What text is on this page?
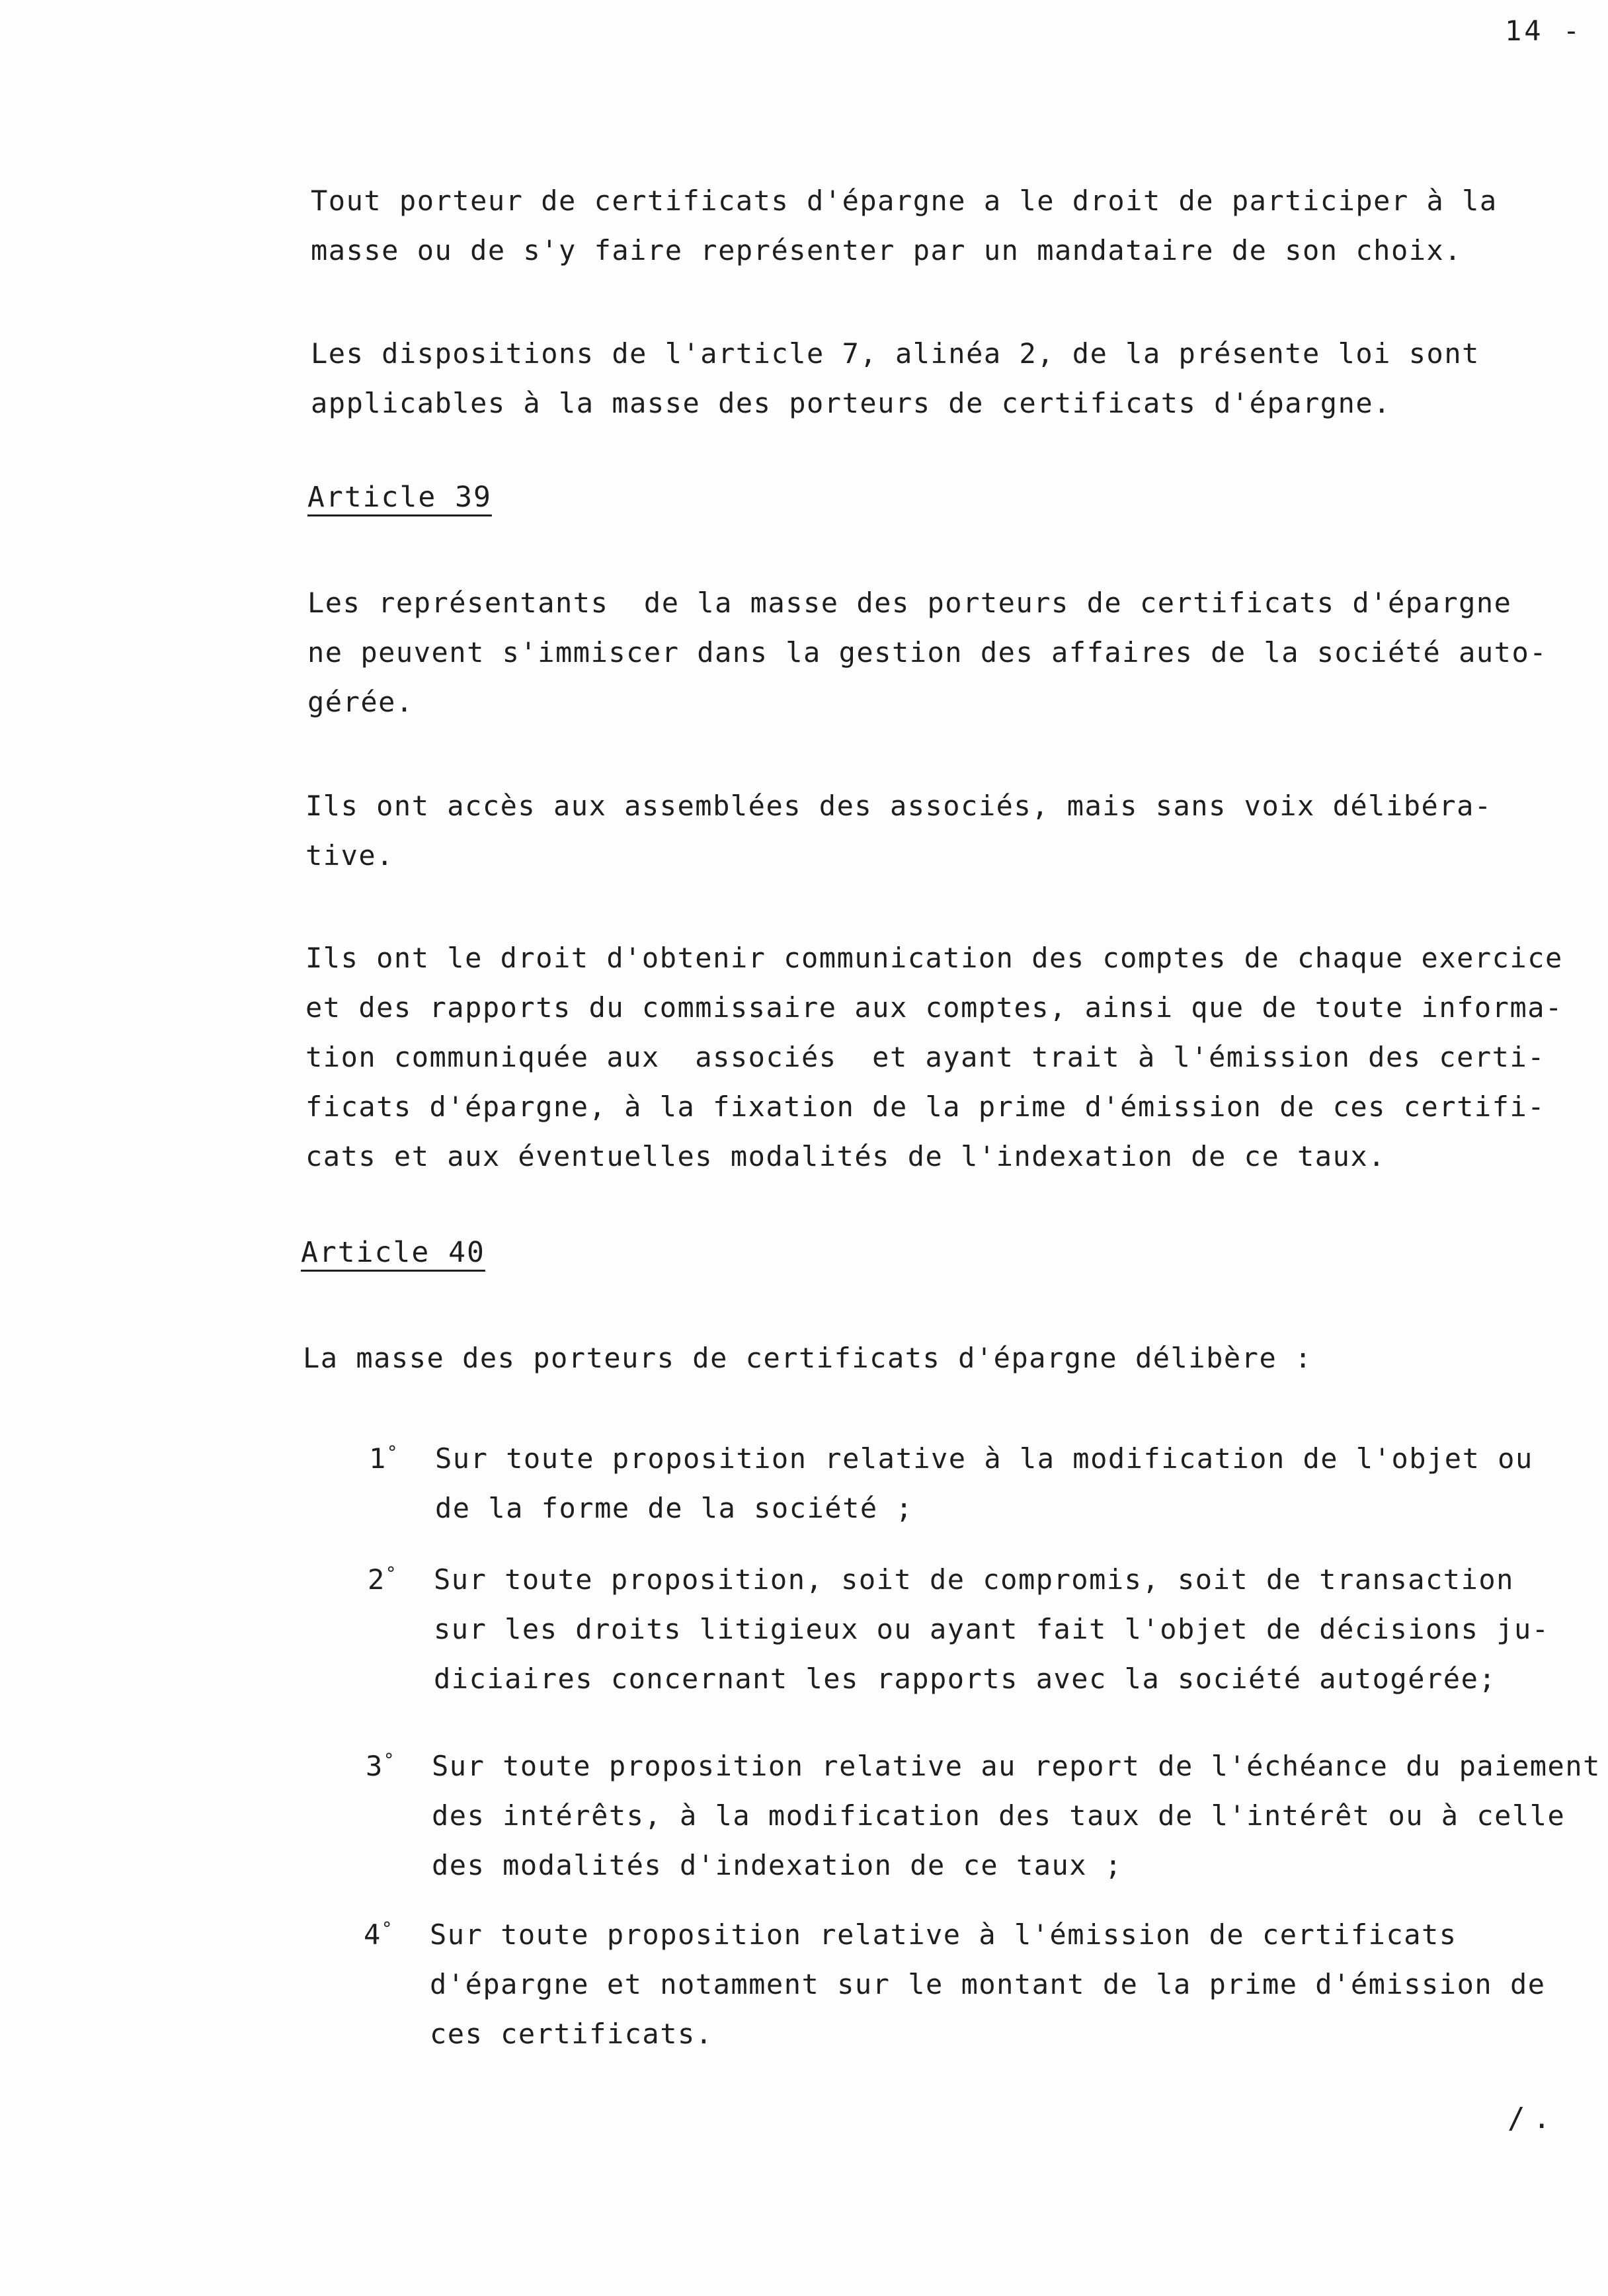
14 -
Tout porteur de certificats d'épargne a le droit de participer à la
masse ou de s'y faire représenter par un mandataire de son choix.
Les dispositions de l'article 7, alinéa 2, de la présente loi sont
applicables à la masse des porteurs de certificats d'épargne.
Article 39
Les représentants  de la masse des porteurs de certificats d'épargne
ne peuvent s'immiscer dans la gestion des affaires de la société auto-
gérée.
Ils ont accès aux assemblées des associés, mais sans voix délibéra-
tive.
Ils ont le droit d'obtenir communication des comptes de chaque exercice
et des rapports du commissaire aux comptes, ainsi que de toute informa-
tion communiquée aux  associés  et ayant trait à l'émission des certi-
ficats d'épargne, à la fixation de la prime d'émission de ces certifi-
cats et aux éventuelles modalités de l'indexation de ce taux.
Article 40
La masse des porteurs de certificats d'épargne délibère :
1° Sur toute proposition relative à la modification de l'objet ou
de la forme de la société ;
2° Sur toute proposition, soit de compromis, soit de transaction
sur les droits litigieux ou ayant fait l'objet de décisions ju-
diciaires concernant les rapports avec la société autogérée;
3° Sur toute proposition relative au report de l'échéance du paiement
des intérêts, à la modification des taux de l'intérêt ou à celle
des modalités d'indexation de ce taux ;
4° Sur toute proposition relative à l'émission de certificats
d'épargne et notamment sur le montant de la prime d'émission de
ces certificats.
/.
